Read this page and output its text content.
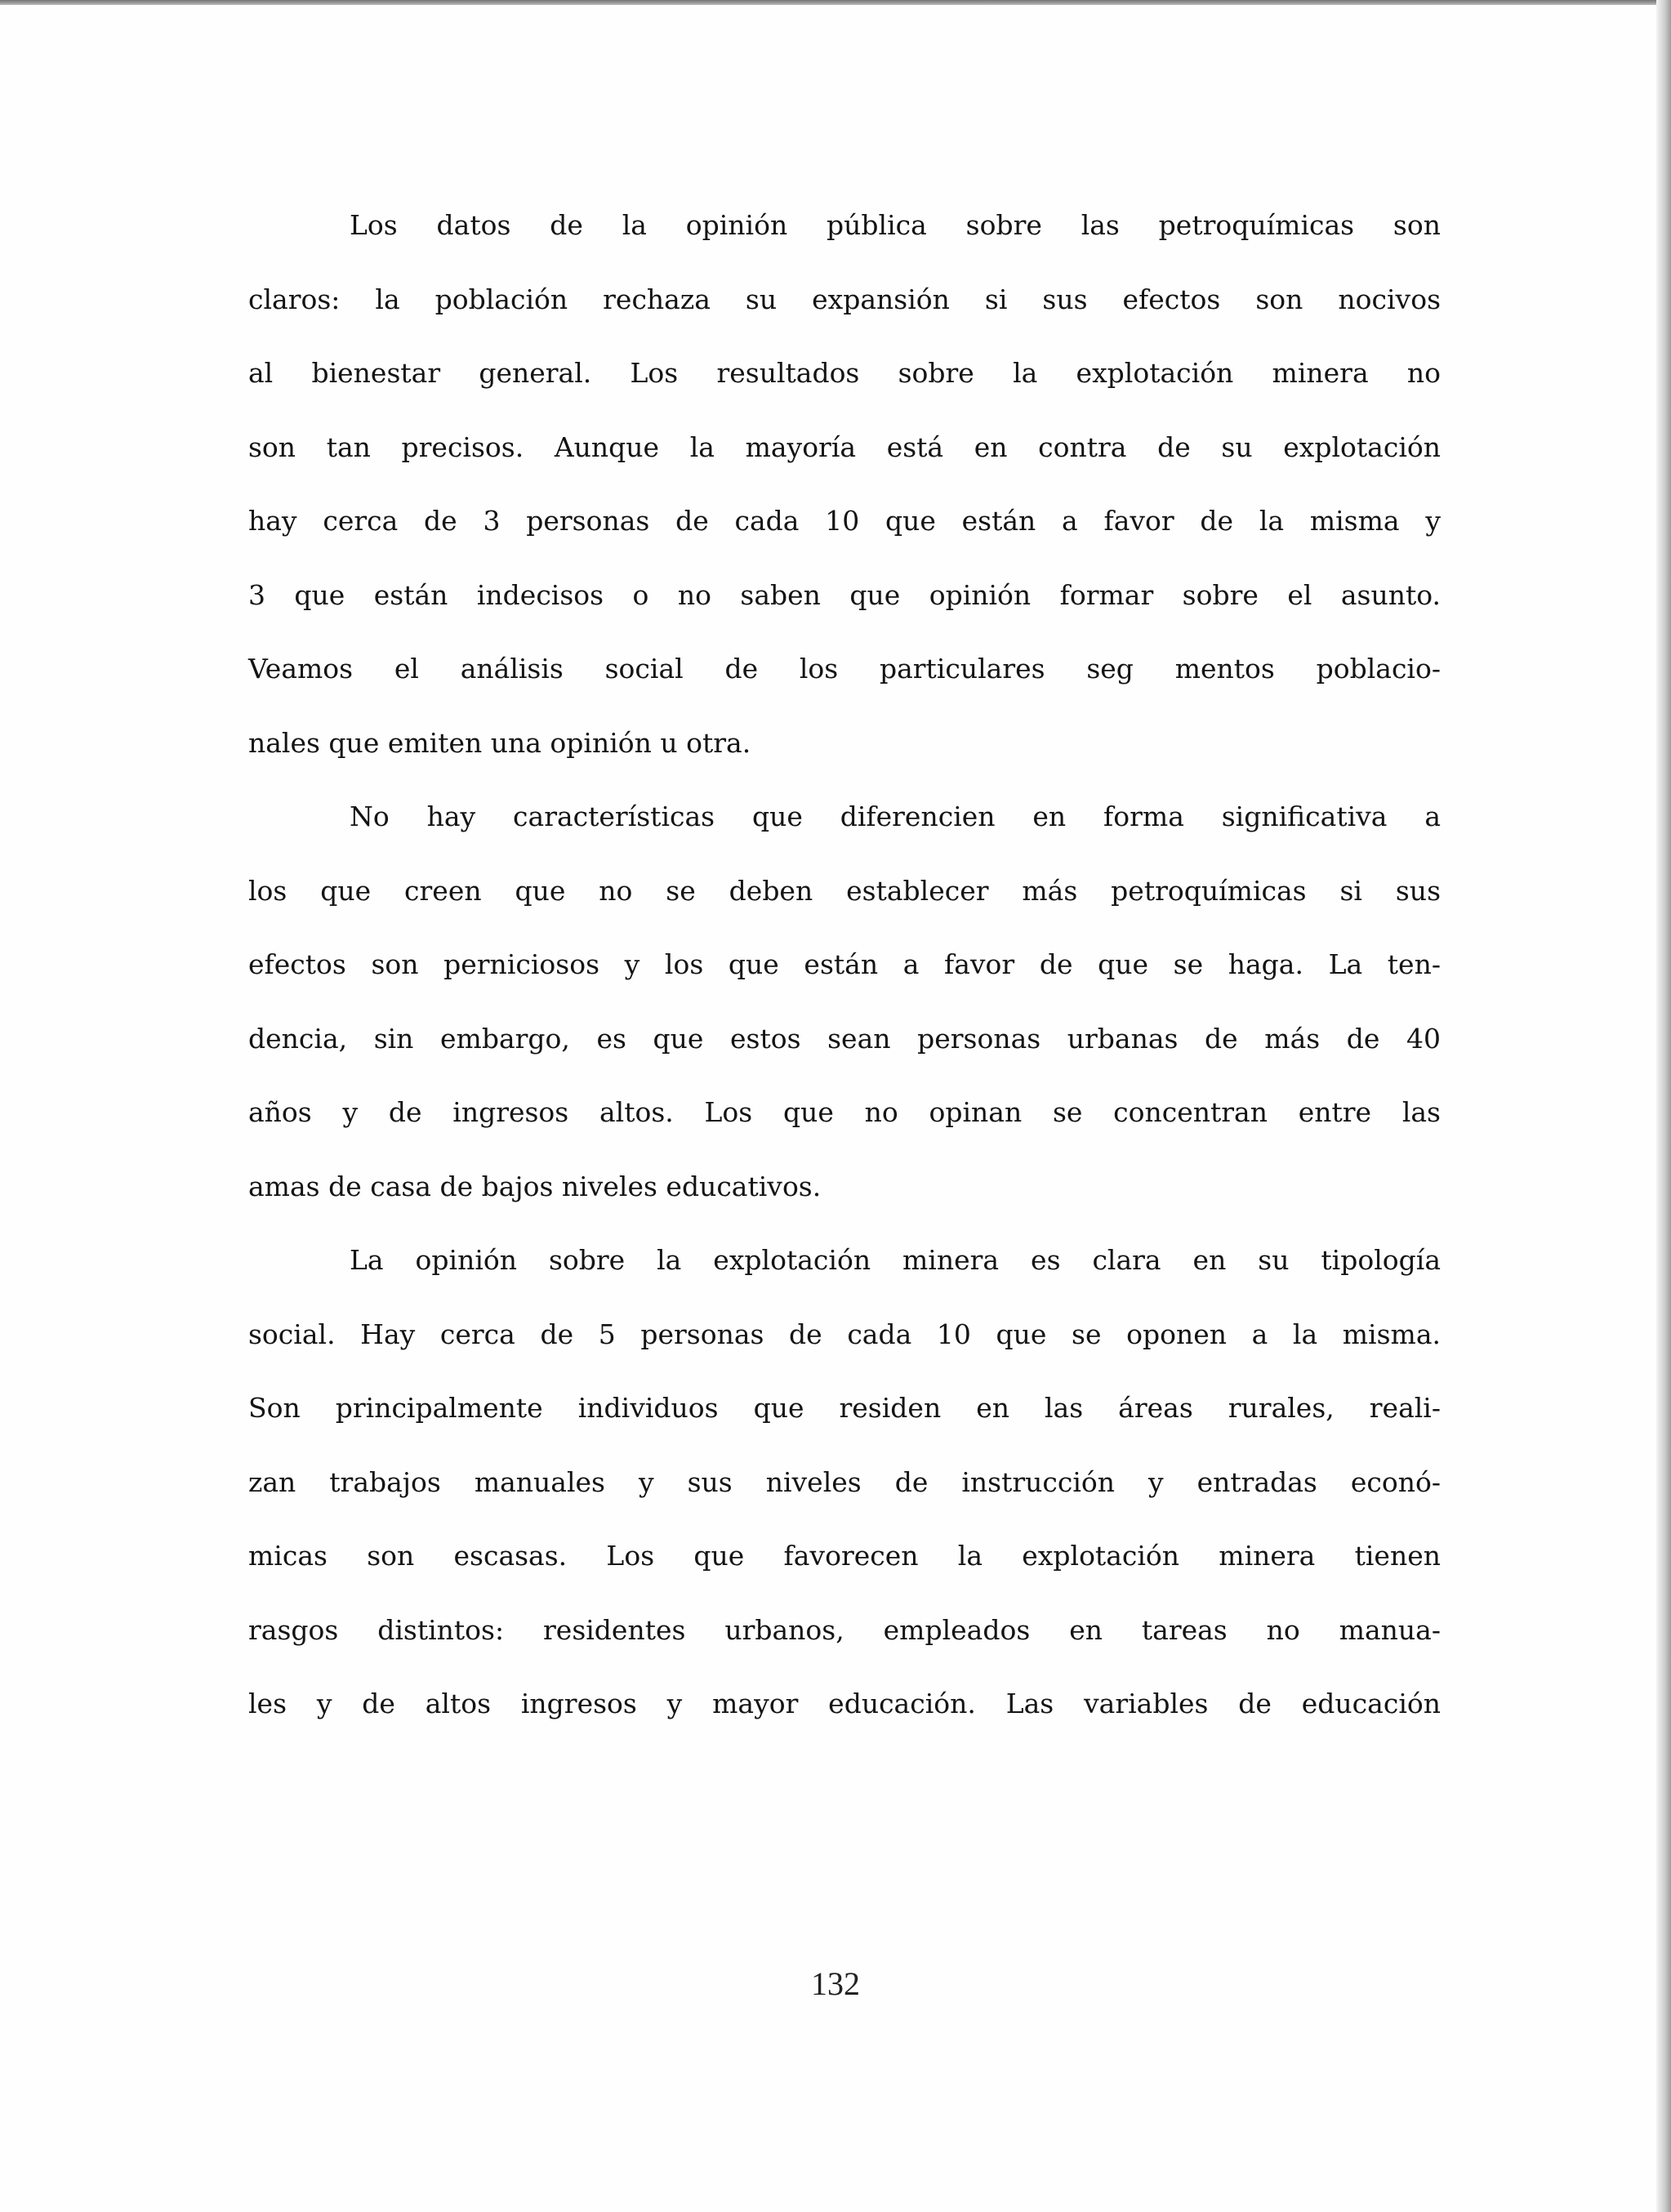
Los datos de la opinión pública sobre las petroquímicas son
claros: la población rechaza su expansión si sus efectos son nocivos
al bienestar general. Los resultados sobre la explotación minera no
son tan precisos. Aunque la mayoría está en contra de su explotación
hay cerca de 3 personas de cada 10 que están a favor de la misma y
3 que están indecisos o no saben que opinión formar sobre el asunto.
Veamos el análisis social de los particulares seg mentos poblacio-
nales que emiten una opinión u otra.
No hay características que diferencien en forma significativa a
los que creen que no se deben establecer más petroquímicas si sus
efectos son perniciosos y los que están a favor de que se haga. La ten-
dencia, sin embargo, es que estos sean personas urbanas de más de 40
años y de ingresos altos. Los que no opinan se concentran entre las
amas de casa de bajos niveles educativos.
La opinión sobre la explotación minera es clara en su tipología
social. Hay cerca de 5 personas de cada 10 que se oponen a la misma.
Son principalmente individuos que residen en las áreas rurales, reali-
zan trabajos manuales y sus niveles de instrucción y entradas econó-
micas son escasas. Los que favorecen la explotación minera tienen
rasgos distintos: residentes urbanos, empleados en tareas no manua-
les y de altos ingresos y mayor educación. Las variables de educación
132
